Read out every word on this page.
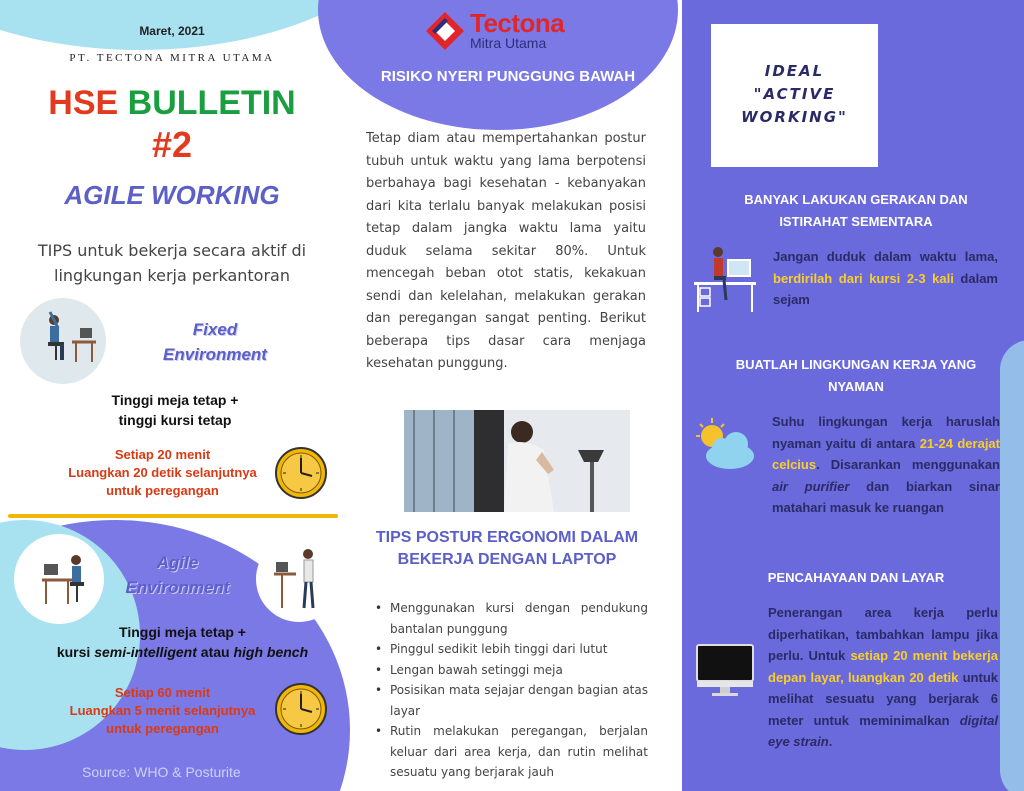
Maret, 2021
PT. TECTONA MITRA UTAMA
HSE BULLETIN
#2
AGILE WORKING
TIPS untuk bekerja secara aktif di lingkungan kerja perkantoran
Fixed
Environment
Tinggi meja tetap +
tinggi kursi tetap
Setiap 20 menit
Luangkan 20 detik selanjutnya
untuk peregangan
Agile
Environment
Tinggi meja tetap +
kursi semi-intelligent atau high bench
Setiap 60 menit
Luangkan 5 menit selanjutnya
untuk peregangan
Source: WHO & Posturite
Tectona
Mitra Utama
RISIKO NYERI PUNGGUNG BAWAH
Tetap diam atau mempertahankan postur tubuh untuk waktu yang lama berpotensi berbahaya bagi kesehatan - kebanyakan dari kita terlalu banyak melakukan posisi tetap dalam jangka waktu lama yaitu duduk selama sekitar 80%. Untuk mencegah beban otot statis, kekakuan sendi dan kelelahan, melakukan gerakan dan peregangan sangat penting. Berikut beberapa tips dasar cara menjaga kesehatan punggung.
TIPS POSTUR ERGONOMI DALAM BEKERJA DENGAN LAPTOP
• Menggunakan kursi dengan pendukung bantalan punggung
• Pinggul sedikit lebih tinggi dari lutut
• Lengan bawah setinggi meja
• Posisikan mata sejajar dengan bagian atas layar
• Rutin melakukan peregangan, berjalan keluar dari area kerja, dan rutin melihat sesuatu yang berjarak jauh
IDEAL
"ACTIVE
WORKING"
BANYAK LAKUKAN GERAKAN DAN ISTIRAHAT SEMENTARA
Jangan duduk dalam waktu lama, berdirilah dari kursi 2-3 kali dalam sejam
BUATLAH LINGKUNGAN KERJA YANG NYAMAN
Suhu lingkungan kerja haruslah nyaman yaitu di antara 21-24 derajat celcius. Disarankan menggunakan air purifier dan biarkan sinar matahari masuk ke ruangan
PENCAHAYAAN DAN LAYAR
Penerangan area kerja perlu diperhatikan, tambahkan lampu jika perlu. Untuk setiap 20 menit bekerja depan layar, luangkan 20 detik untuk melihat sesuatu yang berjarak 6 meter untuk meminimalkan digital eye strain.
